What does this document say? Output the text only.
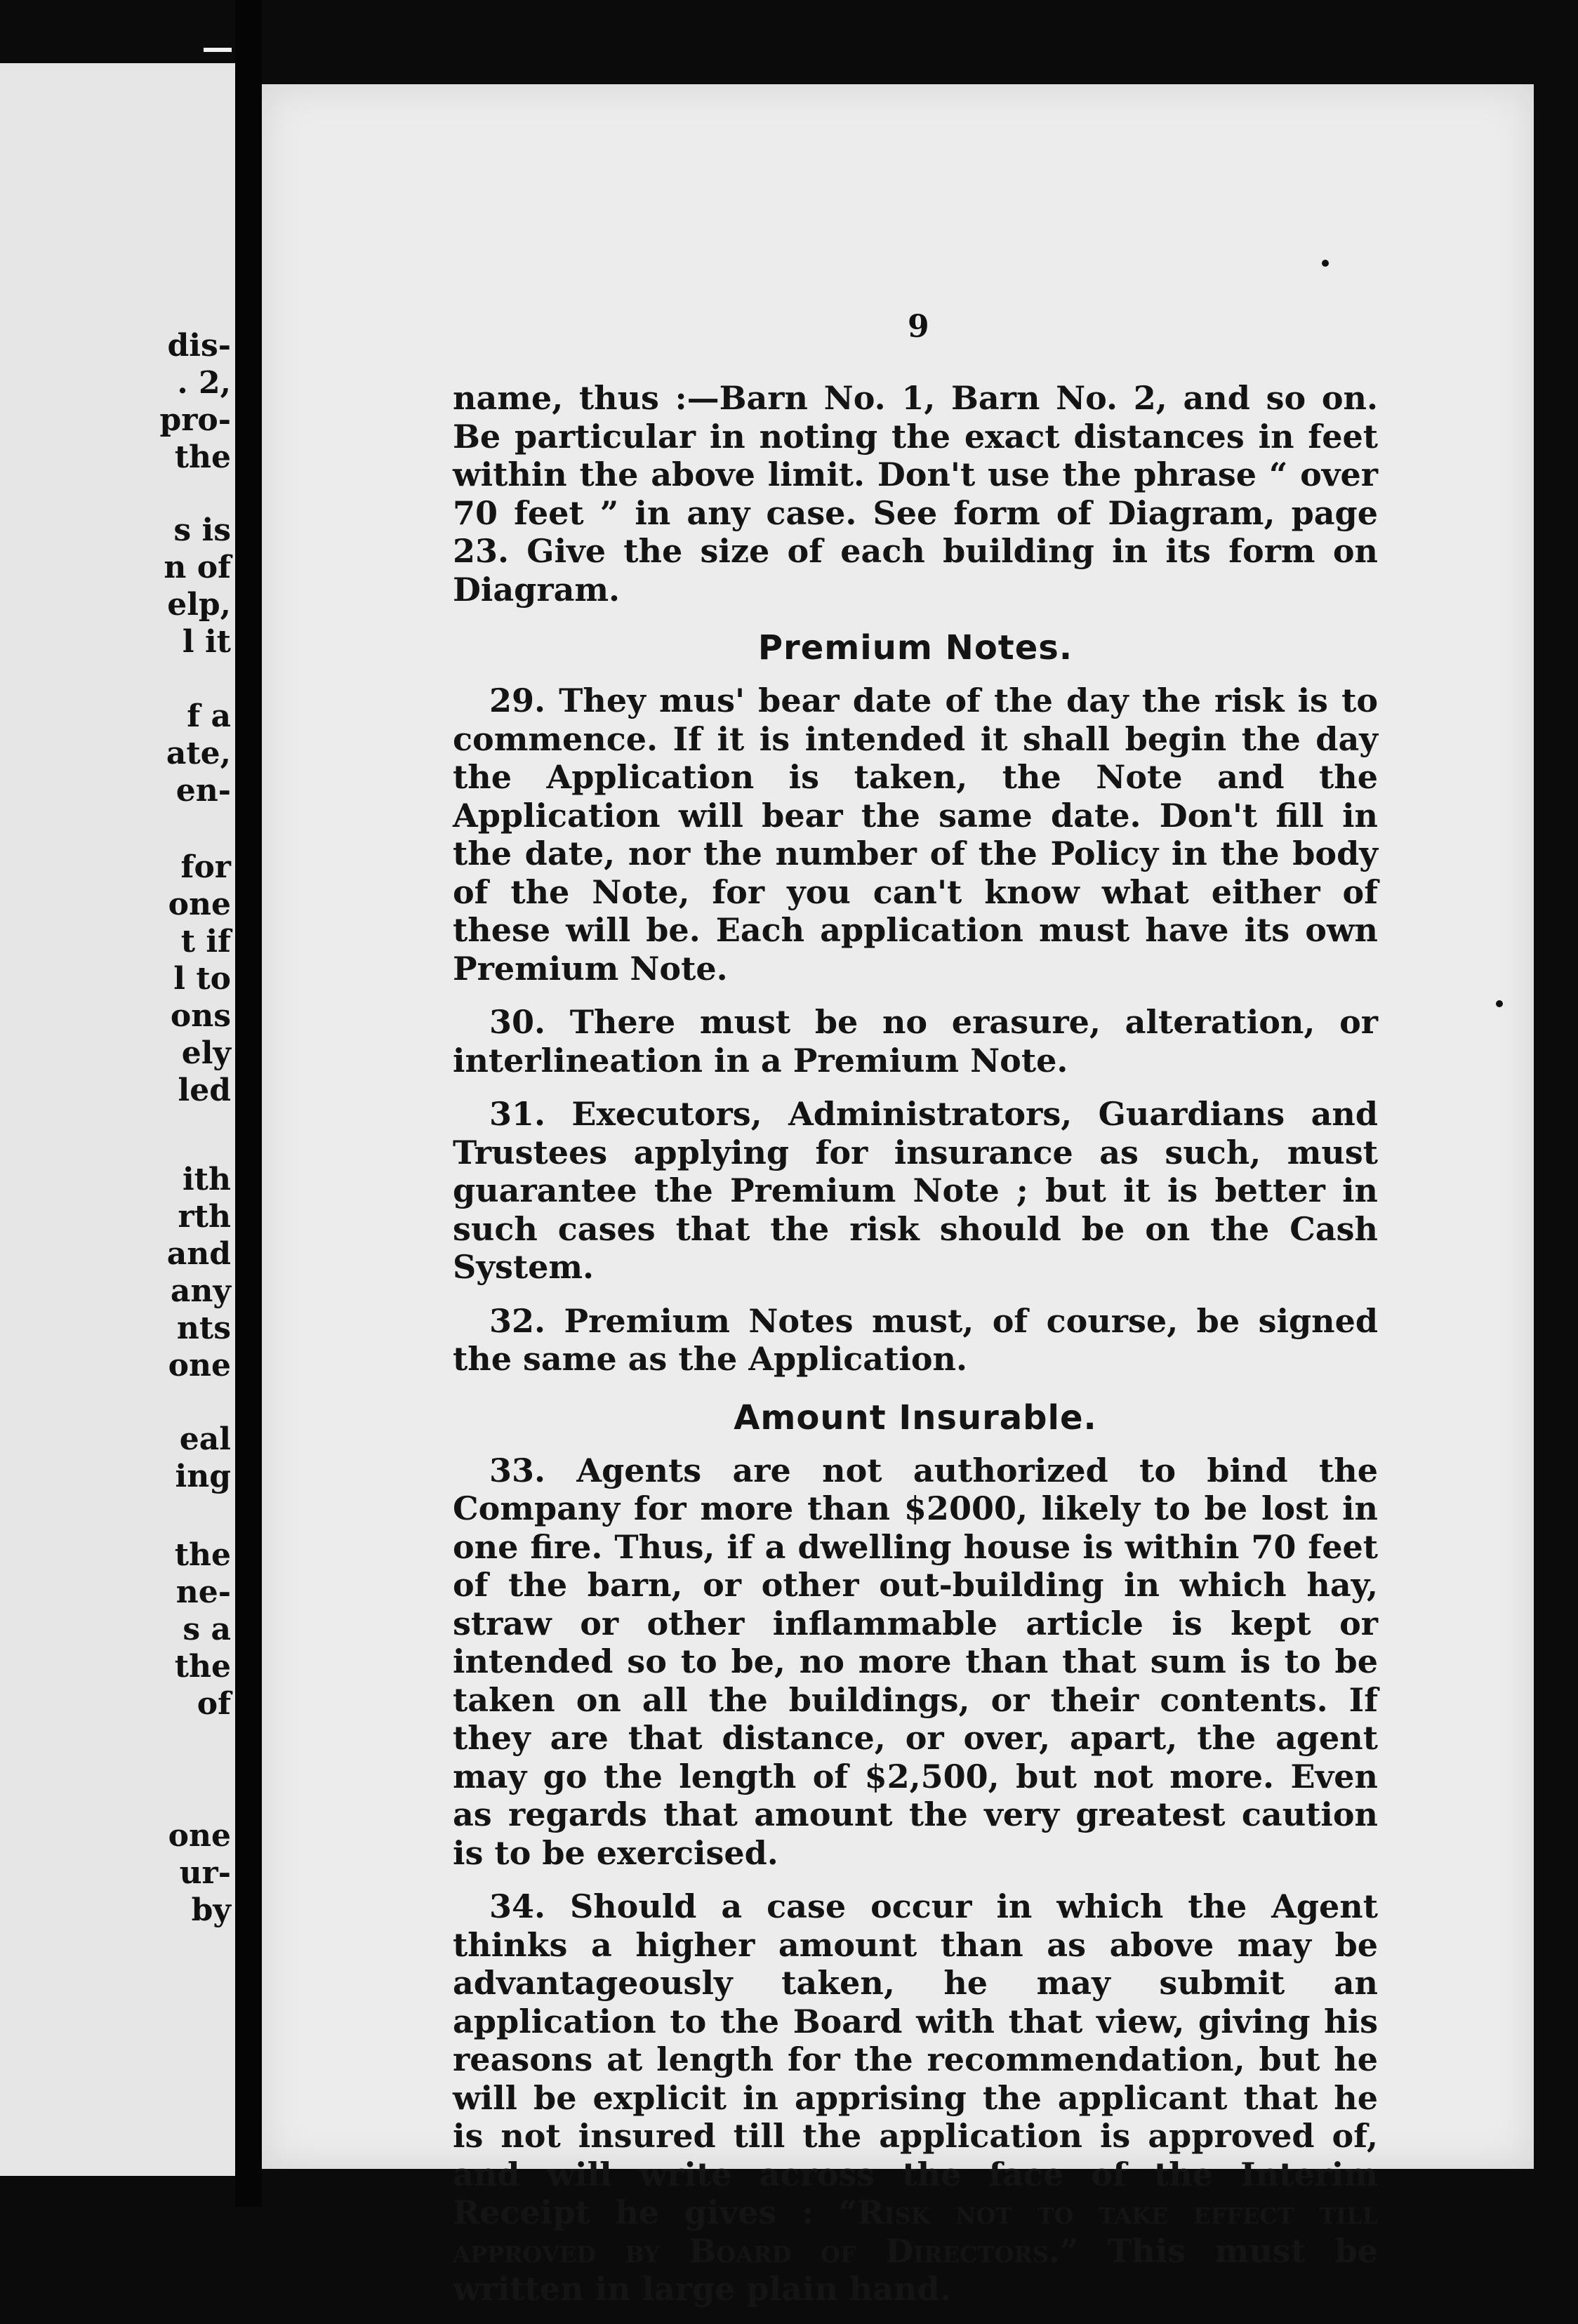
dis-
. 2,
pro-
the
s is
n of
elp,
l it
f a
ate,
en-
for
one
t if
l to
ons
ely
led
ith
rth
and
any
nts
one
eal
ing
the
ne-
s a
the
of
one
ur-
by
9

name, thus :—Barn No. 1, Barn No. 2, and so on. Be particular in noting the exact distances in feet within the above limit. Don't use the phrase “ over 70 feet ” in any case. See form of Diagram, page 23. Give the size of each building in its form on Diagram.

Premium Notes.

29. They mus' bear date of the day the risk is to commence. If it is intended it shall begin the day the Application is taken, the Note and the Application will bear the same date. Don't fill in the date, nor the number of the Policy in the body of the Note, for you can't know what either of these will be. Each application must have its own Premium Note.

30. There must be no erasure, alteration, or interlineation in a Premium Note.

31. Executors, Administrators, Guardians and Trustees applying for insurance as such, must guarantee the Premium Note ; but it is better in such cases that the risk should be on the Cash System.

32. Premium Notes must, of course, be signed the same as the Application.

Amount Insurable.

33. Agents are not authorized to bind the Company for more than $2000, likely to be lost in one fire. Thus, if a dwelling house is within 70 feet of the barn, or other out-building in which hay, straw or other inflammable article is kept or intended so to be, no more than that sum is to be taken on all the buildings, or their contents. If they are that distance, or over, apart, the agent may go the length of $2,500, but not more. Even as regards that amount the very greatest caution is to be exercised.

34. Should a case occur in which the Agent thinks a higher amount than as above may be advantageously taken, he may submit an application to the Board with that view, giving his reasons at length for the recommendation, but he will be explicit in apprising the applicant that he is not insured till the application is approved of, and will write across the face of the Interim Receipt he gives : “Risk not to take effect till approved by Board of Directors.” This must be written in large plain hand.
